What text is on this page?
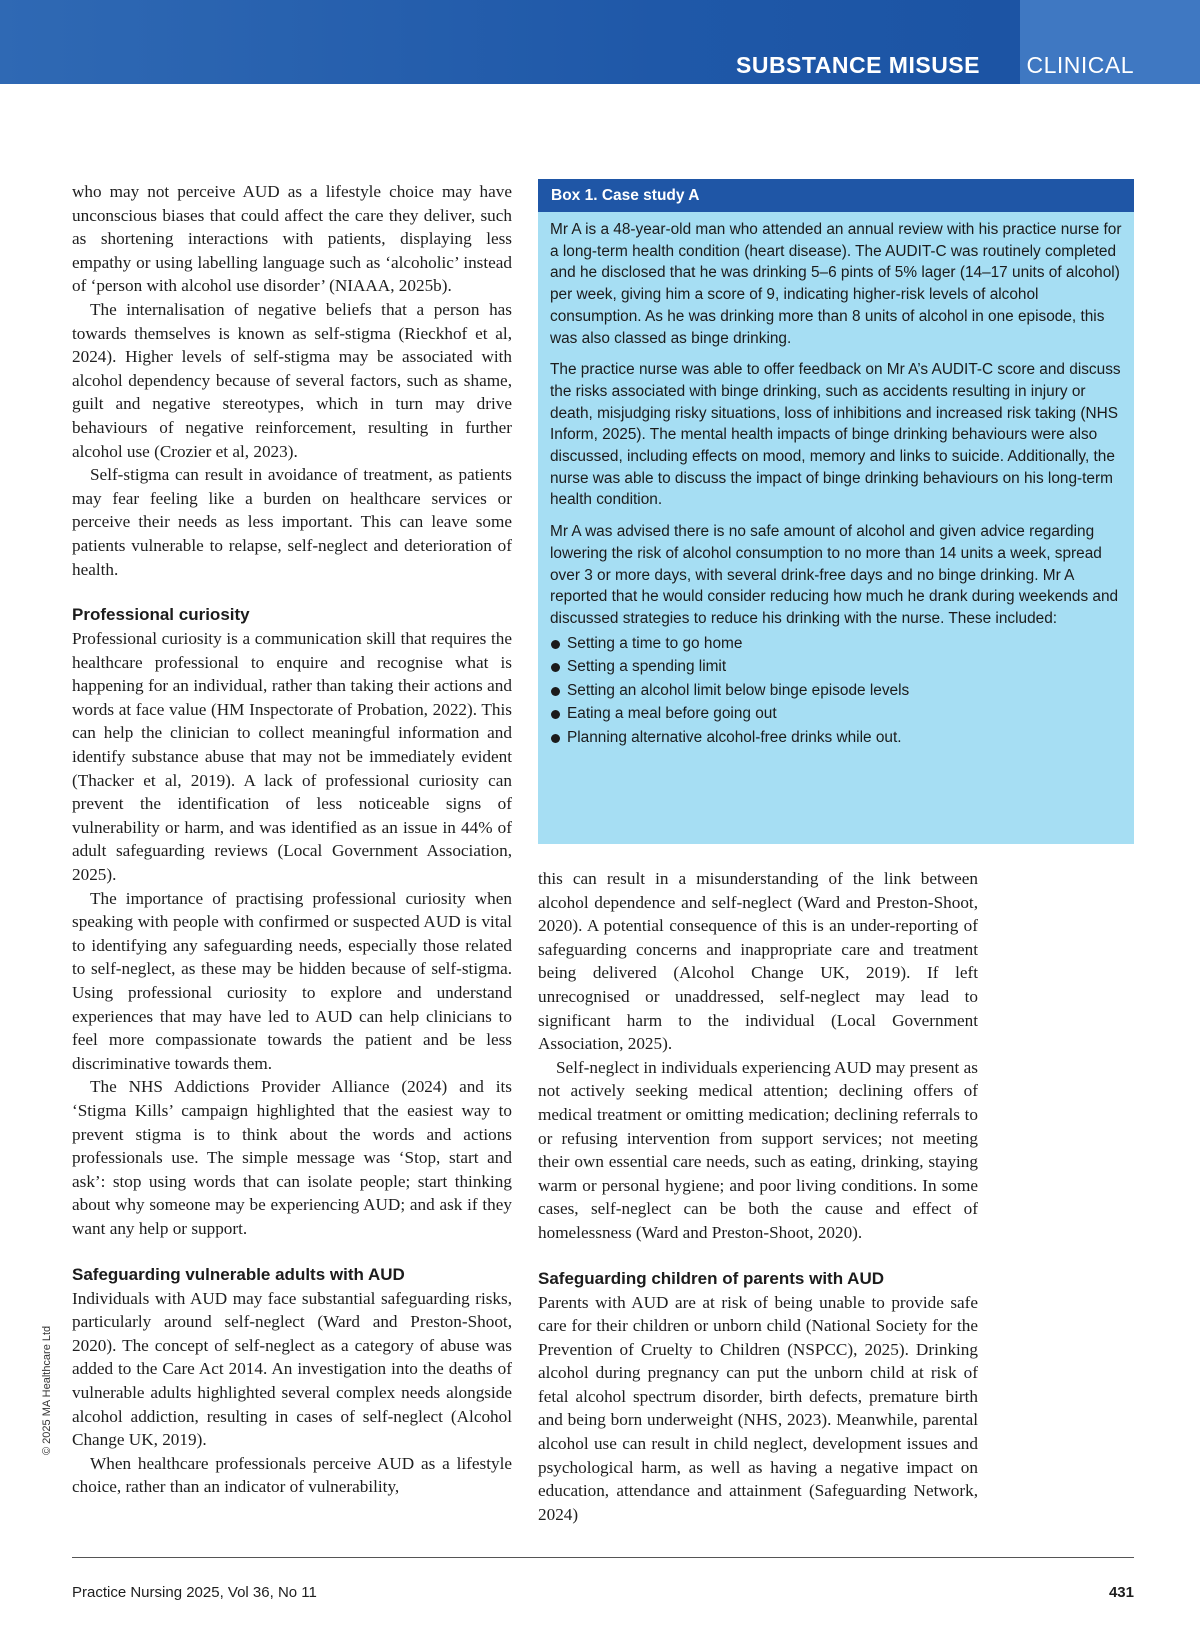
SUBSTANCE MISUSE CLINICAL

who may not perceive AUD as a lifestyle choice may have unconscious biases that could affect the care they deliver, such as shortening interactions with patients, displaying less empathy or using labelling language such as ‘alcoholic’ instead of ‘person with alcohol use disorder’ (NIAAA, 2025b).

The internalisation of negative beliefs that a person has towards themselves is known as self-stigma (Rieckhof et al, 2024). Higher levels of self-stigma may be associated with alcohol dependency because of several factors, such as shame, guilt and negative stereotypes, which in turn may drive behaviours of negative reinforcement, resulting in further alcohol use (Crozier et al, 2023).

Self-stigma can result in avoidance of treatment, as patients may fear feeling like a burden on healthcare services or perceive their needs as less important. This can leave some patients vulnerable to relapse, self-neglect and deterioration of health.

Professional curiosity

Professional curiosity is a communication skill that requires the healthcare professional to enquire and recognise what is happening for an individual, rather than taking their actions and words at face value (HM Inspectorate of Probation, 2022). This can help the clinician to collect meaningful information and identify substance abuse that may not be immediately evident (Thacker et al, 2019). A lack of professional curiosity can prevent the identification of less noticeable signs of vulnerability or harm, and was identified as an issue in 44% of adult safeguarding reviews (Local Government Association, 2025).

The importance of practising professional curiosity when speaking with people with confirmed or suspected AUD is vital to identifying any safeguarding needs, especially those related to self-neglect, as these may be hidden because of self-stigma. Using professional curiosity to explore and understand experiences that may have led to AUD can help clinicians to feel more compassionate towards the patient and be less discriminative towards them.

The NHS Addictions Provider Alliance (2024) and its ‘Stigma Kills’ campaign highlighted that the easiest way to prevent stigma is to think about the words and actions professionals use. The simple message was ‘Stop, start and ask’: stop using words that can isolate people; start thinking about why someone may be experiencing AUD; and ask if they want any help or support.

Safeguarding vulnerable adults with AUD

Individuals with AUD may face substantial safeguarding risks, particularly around self-neglect (Ward and Preston-Shoot, 2020). The concept of self-neglect as a category of abuse was added to the Care Act 2014. An investigation into the deaths of vulnerable adults highlighted several complex needs alongside alcohol addiction, resulting in cases of self-neglect (Alcohol Change UK, 2019).

When healthcare professionals perceive AUD as a lifestyle choice, rather than an indicator of vulnerability,

Box 1. Case study A

Mr A is a 48-year-old man who attended an annual review with his practice nurse for a long-term health condition (heart disease). The AUDIT-C was routinely completed and he disclosed that he was drinking 5–6 pints of 5% lager (14–17 units of alcohol) per week, giving him a score of 9, indicating higher-risk levels of alcohol consumption. As he was drinking more than 8 units of alcohol in one episode, this was also classed as binge drinking.

The practice nurse was able to offer feedback on Mr A’s AUDIT-C score and discuss the risks associated with binge drinking, such as accidents resulting in injury or death, misjudging risky situations, loss of inhibitions and increased risk taking (NHS Inform, 2025). The mental health impacts of binge drinking behaviours were also discussed, including effects on mood, memory and links to suicide. Additionally, the nurse was able to discuss the impact of binge drinking behaviours on his long-term health condition.

Mr A was advised there is no safe amount of alcohol and given advice regarding lowering the risk of alcohol consumption to no more than 14 units a week, spread over 3 or more days, with several drink-free days and no binge drinking. Mr A reported that he would consider reducing how much he drank during weekends and discussed strategies to reduce his drinking with the nurse. These included:

Setting a time to go home
Setting a spending limit
Setting an alcohol limit below binge episode levels
Eating a meal before going out
Planning alternative alcohol-free drinks while out.

this can result in a misunderstanding of the link between alcohol dependence and self-neglect (Ward and Preston-Shoot, 2020). A potential consequence of this is an under-reporting of safeguarding concerns and inappropriate care and treatment being delivered (Alcohol Change UK, 2019). If left unrecognised or unaddressed, self-neglect may lead to significant harm to the individual (Local Government Association, 2025).

Self-neglect in individuals experiencing AUD may present as not actively seeking medical attention; declining offers of medical treatment or omitting medication; declining referrals to or refusing intervention from support services; not meeting their own essential care needs, such as eating, drinking, staying warm or personal hygiene; and poor living conditions. In some cases, self-neglect can be both the cause and effect of homelessness (Ward and Preston-Shoot, 2020).

Safeguarding children of parents with AUD

Parents with AUD are at risk of being unable to provide safe care for their children or unborn child (National Society for the Prevention of Cruelty to Children (NSPCC), 2025). Drinking alcohol during pregnancy can put the unborn child at risk of fetal alcohol spectrum disorder, birth defects, premature birth and being born underweight (NHS, 2023). Meanwhile, parental alcohol use can result in child neglect, development issues and psychological harm, as well as having a negative impact on education, attendance and attainment (Safeguarding Network, 2024)

© 2025 MA Healthcare Ltd
Practice Nursing 2025, Vol 36, No 11	431
